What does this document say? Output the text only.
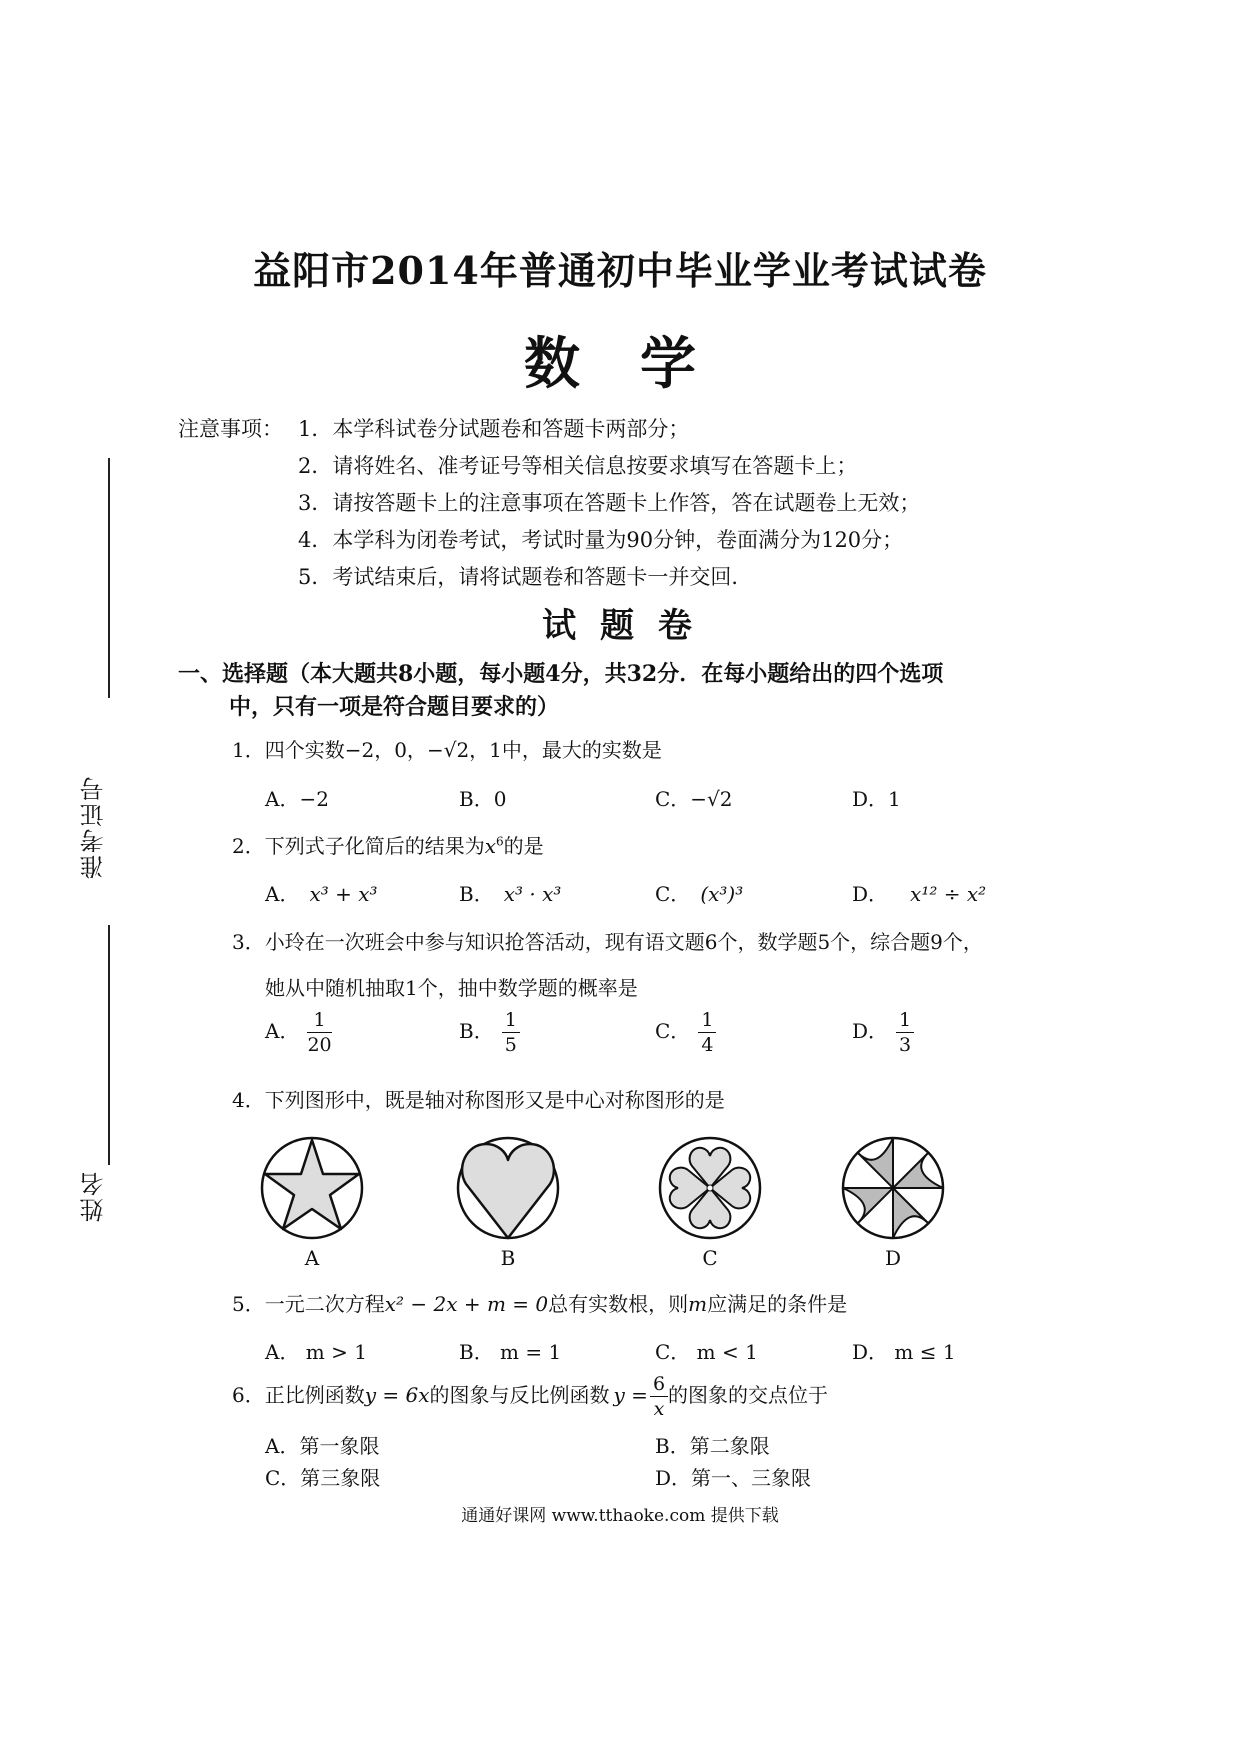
准考证号
姓名
益阳市2014年普通初中毕业学业考试试卷
数学
注意事项： 1．本学科试卷分试题卷和答题卡两部分；
2．请将姓名、准考证号等相关信息按要求填写在答题卡上；
3．请按答题卡上的注意事项在答题卡上作答，答在试题卷上无效；
4．本学科为闭卷考试，考试时量为90分钟，卷面满分为120分；
5．考试结束后，请将试题卷和答题卡一并交回．
试 题 卷
一、选择题（本大题共8小题，每小题4分，共32分．在每小题给出的四个选项
中，只有一项是符合题目要求的）
1．四个实数−2，0，−√2，1中，最大的实数是
A．−2	B．0	C．−√2	D．1
2．下列式子化简后的结果为$x^6$的是
A． x³ + x³	B． x³ · x³	C． (x³)³	D． x¹² ÷ x²
3．小玲在一次班会中参与知识抢答活动，现有语文题6个，数学题5个，综合题9个，
她从中随机抽取1个，抽中数学题的概率是
A． $\frac{1}{20}$	B． $\frac{1}{5}$	C． $\frac{1}{4}$	D． $\frac{1}{3}$
4．下列图形中，既是轴对称图形又是中心对称图形的是
A	B	C	D
5．一元二次方程x² − 2x + m = 0总有实数根，则m应满足的条件是
A． m > 1	B． m = 1	C． m < 1	D． m ≤ 1
6．正比例函数y = 6x的图象与反比例函数 $y = \frac{6}{x}$ 的图象的交点位于
A．第一象限	B．第二象限
C．第三象限	D．第一、三象限
通通好课网 www.tthaoke.com 提供下载
